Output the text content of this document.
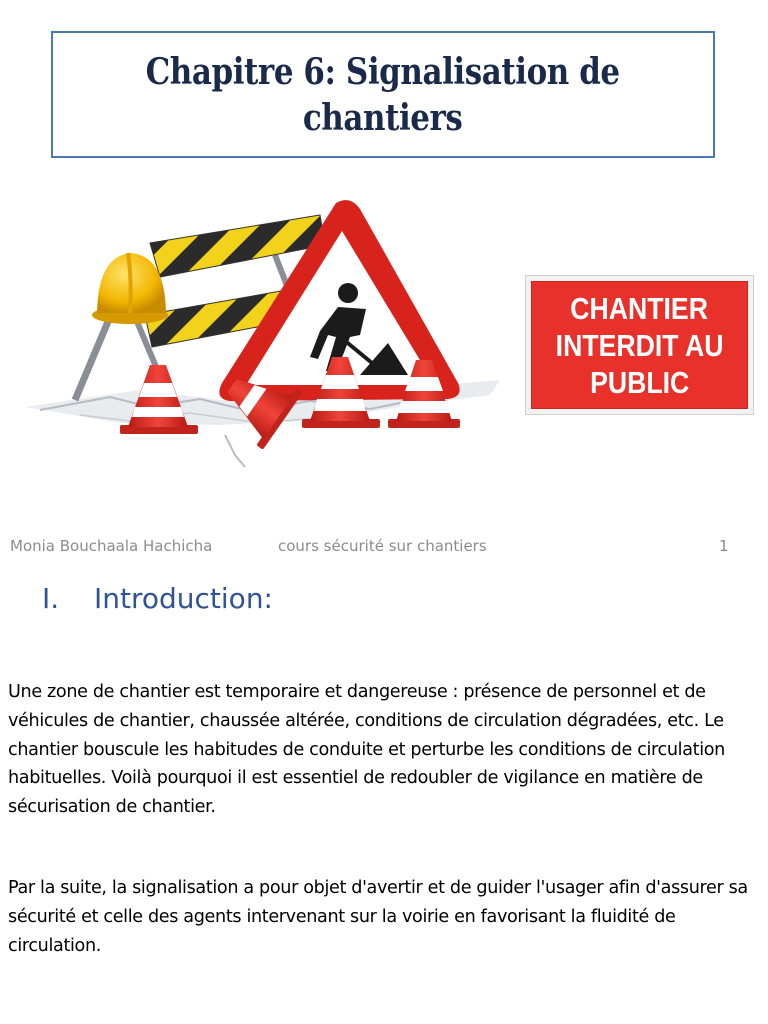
Chapitre 6: Signalisation de
chantiers
CHANTIER
INTERDIT AU
PUBLIC
Monia Bouchaala Hachicha	cours sécurité sur chantiers	1
I. Introduction:

Une zone de chantier est temporaire et dangereuse : présence de personnel et de véhicules de chantier, chaussée altérée, conditions de circulation dégradées, etc. Le chantier bouscule les habitudes de conduite et perturbe les conditions de circulation habituelles. Voilà pourquoi il est essentiel de redoubler de vigilance en matière de sécurisation de chantier.

Par la suite, la signalisation a pour objet d'avertir et de guider l'usager afin d'assurer sa sécurité et celle des agents intervenant sur la voirie en favorisant la fluidité de circulation.
